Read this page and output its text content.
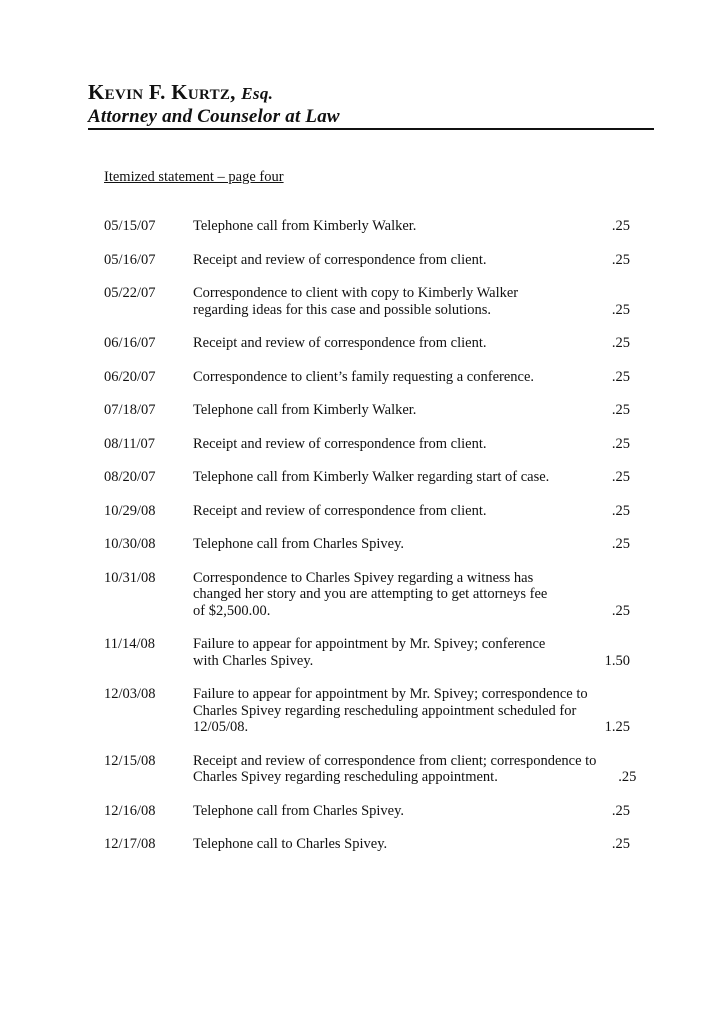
Kevin F. Kurtz, Esq.
Attorney and Counselor at Law
Itemized statement – page four
05/15/07	Telephone call from Kimberly Walker.	.25
05/16/07	Receipt and review of correspondence from client.	.25
05/22/07	Correspondence to client with copy to Kimberly Walker
regarding ideas for this case and possible solutions.	.25
06/16/07	Receipt and review of correspondence from client.	.25
06/20/07	Correspondence to client’s family requesting a conference.	.25
07/18/07	Telephone call from Kimberly Walker.	.25
08/11/07	Receipt and review of correspondence from client.	.25
08/20/07	Telephone call from Kimberly Walker regarding start of case.	.25
10/29/08	Receipt and review of correspondence from client.	.25
10/30/08	Telephone call from Charles Spivey.	.25
10/31/08	Correspondence to Charles Spivey regarding a witness has
changed her story and you are attempting to get attorneys fee
of $2,500.00.	.25
11/14/08	Failure to appear for appointment by Mr. Spivey; conference
with Charles Spivey.	1.50
12/03/08	Failure to appear for appointment by Mr. Spivey; correspondence to
Charles Spivey regarding rescheduling appointment scheduled for
12/05/08.	1.25
12/15/08	Receipt and review of correspondence from client; correspondence to
Charles Spivey regarding rescheduling appointment.	.25
12/16/08	Telephone call from Charles Spivey.	.25
12/17/08	Telephone call to Charles Spivey.	.25
